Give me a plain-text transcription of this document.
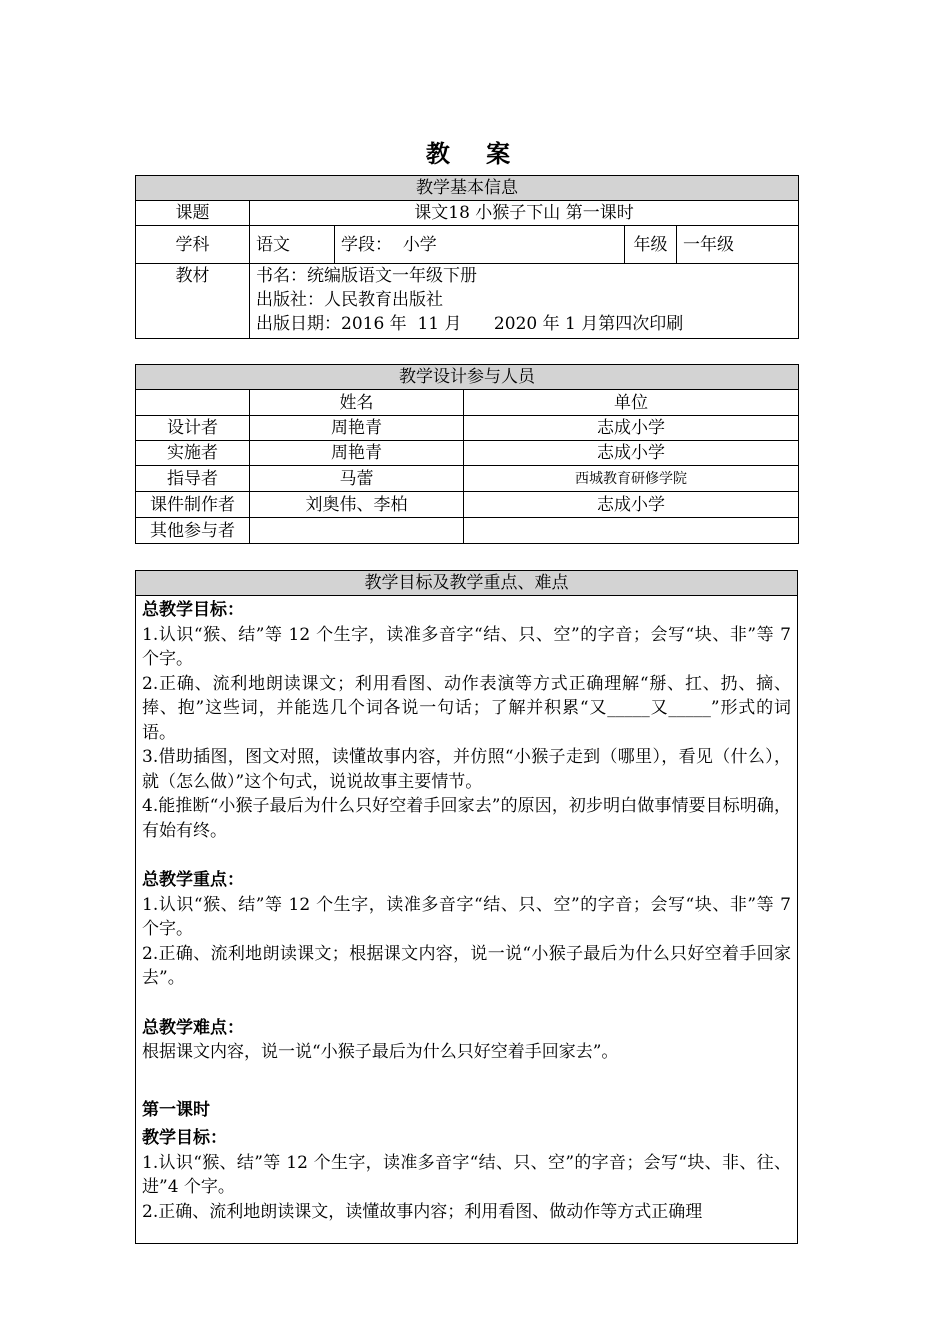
教 案
教学基本信息				
课题	课文18 小猴子下山 第一课时			
学科	语文	学段： 小学	年级	一年级
教材	书名：统编版语文一年级下册
出版社：人民教育出版社
出版日期：2016 年  11 月      2020 年 1 月第四次印刷			
教学设计参与人员		
	姓名	单位
设计者	周艳青	志成小学
实施者	周艳青	志成小学
指导者	马蕾	西城教育研修学院
课件制作者	刘奥伟、李柏	志成小学
其他参与者		
教学目标及教学重点、难点

总教学目标：

1.认识“猴、结”等 12 个生字，读准多音字“结、只、空”的字音；会写“块、非”等 7 个字。

2.正确、流利地朗读课文；利用看图、动作表演等方式正确理解“掰、扛、扔、摘、捧、抱”这些词，并能选几个词各说一句话；了解并积累“又_____又_____”形式的词语。

3.借助插图，图文对照，读懂故事内容，并仿照“小猴子走到（哪里），看见（什么），就（怎么做）”这个句式，说说故事主要情节。

4.能推断“小猴子最后为什么只好空着手回家去”的原因，初步明白做事情要目标明确，有始有终。

总教学重点：

1.认识“猴、结”等 12 个生字，读准多音字“结、只、空”的字音；会写“块、非”等 7 个字。

2.正确、流利地朗读课文；根据课文内容，说一说“小猴子最后为什么只好空着手回家去”。

总教学难点：

根据课文内容，说一说“小猴子最后为什么只好空着手回家去”。

第一课时

教学目标：

1.认识“猴、结”等 12 个生字，读准多音字“结、只、空”的字音；会写“块、非、往、进”4 个字。

2.正确、流利地朗读课文，读懂故事内容；利用看图、做动作等方式正确理
